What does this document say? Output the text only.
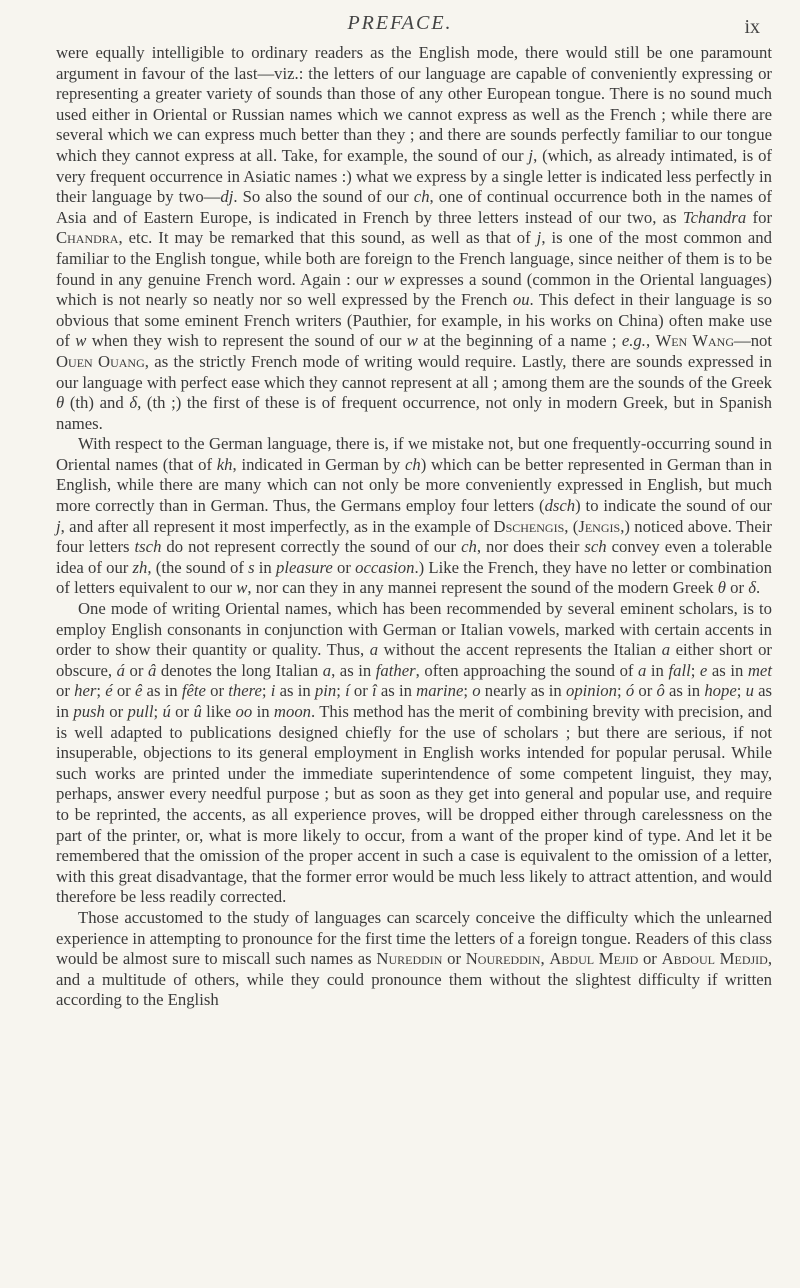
PREFACE.	ix

were equally intelligible to ordinary readers as the English mode, there would still be one paramount argument in favour of the last—viz.: the letters of our language are capable of conveniently expressing or representing a greater variety of sounds than those of any other European tongue. There is no sound much used either in Oriental or Russian names which we cannot express as well as the French ; while there are several which we can express much better than they ; and there are sounds perfectly familiar to our tongue which they cannot express at all. Take, for example, the sound of our j, (which, as already intimated, is of very frequent occurrence in Asiatic names :) what we express by a single letter is indicated less perfectly in their language by two—dj. So also the sound of our ch, one of continual occurrence both in the names of Asia and of Eastern Europe, is indicated in French by three letters instead of our two, as Tchandra for Chandra, etc. It may be remarked that this sound, as well as that of j, is one of the most common and familiar to the English tongue, while both are foreign to the French language, since neither of them is to be found in any genuine French word. Again : our w expresses a sound (common in the Oriental languages) which is not nearly so neatly nor so well expressed by the French ou. This defect in their language is so obvious that some eminent French writers (Pauthier, for example, in his works on China) often make use of w when they wish to represent the sound of our w at the beginning of a name ; e.g., Wen Wang—not Ouen Ouang, as the strictly French mode of writing would require. Lastly, there are sounds expressed in our language with perfect ease which they cannot represent at all ; among them are the sounds of the Greek θ (th) and δ, (th ;) the first of these is of frequent occurrence, not only in modern Greek, but in Spanish names.

With respect to the German language, there is, if we mistake not, but one frequently-occurring sound in Oriental names (that of kh, indicated in German by ch) which can be better represented in German than in English, while there are many which can not only be more conveniently expressed in English, but much more correctly than in German. Thus, the Germans employ four letters (dsch) to indicate the sound of our j, and after all represent it most imperfectly, as in the example of Dschengis, (Jengis,) noticed above. Their four letters tsch do not represent correctly the sound of our ch, nor does their sch convey even a tolerable idea of our zh, (the sound of s in pleasure or occasion.) Like the French, they have no letter or combination of letters equivalent to our w, nor can they in any mannei represent the sound of the modern Greek θ or δ.

One mode of writing Oriental names, which has been recommended by several eminent scholars, is to employ English consonants in conjunction with German or Italian vowels, marked with certain accents in order to show their quantity or quality. Thus, a without the accent represents the Italian a either short or obscure, á or â denotes the long Italian a, as in father, often approaching the sound of a in fall; e as in met or her; é or ê as in fête or there; i as in pin; í or î as in marine; o nearly as in opinion; ó or ô as in hope; u as in push or pull; ú or û like oo in moon. This method has the merit of combining brevity with precision, and is well adapted to publications designed chiefly for the use of scholars ; but there are serious, if not insuperable, objections to its general employment in English works intended for popular perusal. While such works are printed under the immediate superintendence of some competent linguist, they may, perhaps, answer every needful purpose ; but as soon as they get into general and popular use, and require to be reprinted, the accents, as all experience proves, will be dropped either through carelessness on the part of the printer, or, what is more likely to occur, from a want of the proper kind of type. And let it be remembered that the omission of the proper accent in such a case is equivalent to the omission of a letter, with this great disadvantage, that the former error would be much less likely to attract attention, and would therefore be less readily corrected.

Those accustomed to the study of languages can scarcely conceive the difficulty which the unlearned experience in attempting to pronounce for the first time the letters of a foreign tongue. Readers of this class would be almost sure to miscall such names as Nureddin or Noureddin, Abdul Mejid or Abdoul Medjid, and a multitude of others, while they could pronounce them without the slightest difficulty if written according to the English
